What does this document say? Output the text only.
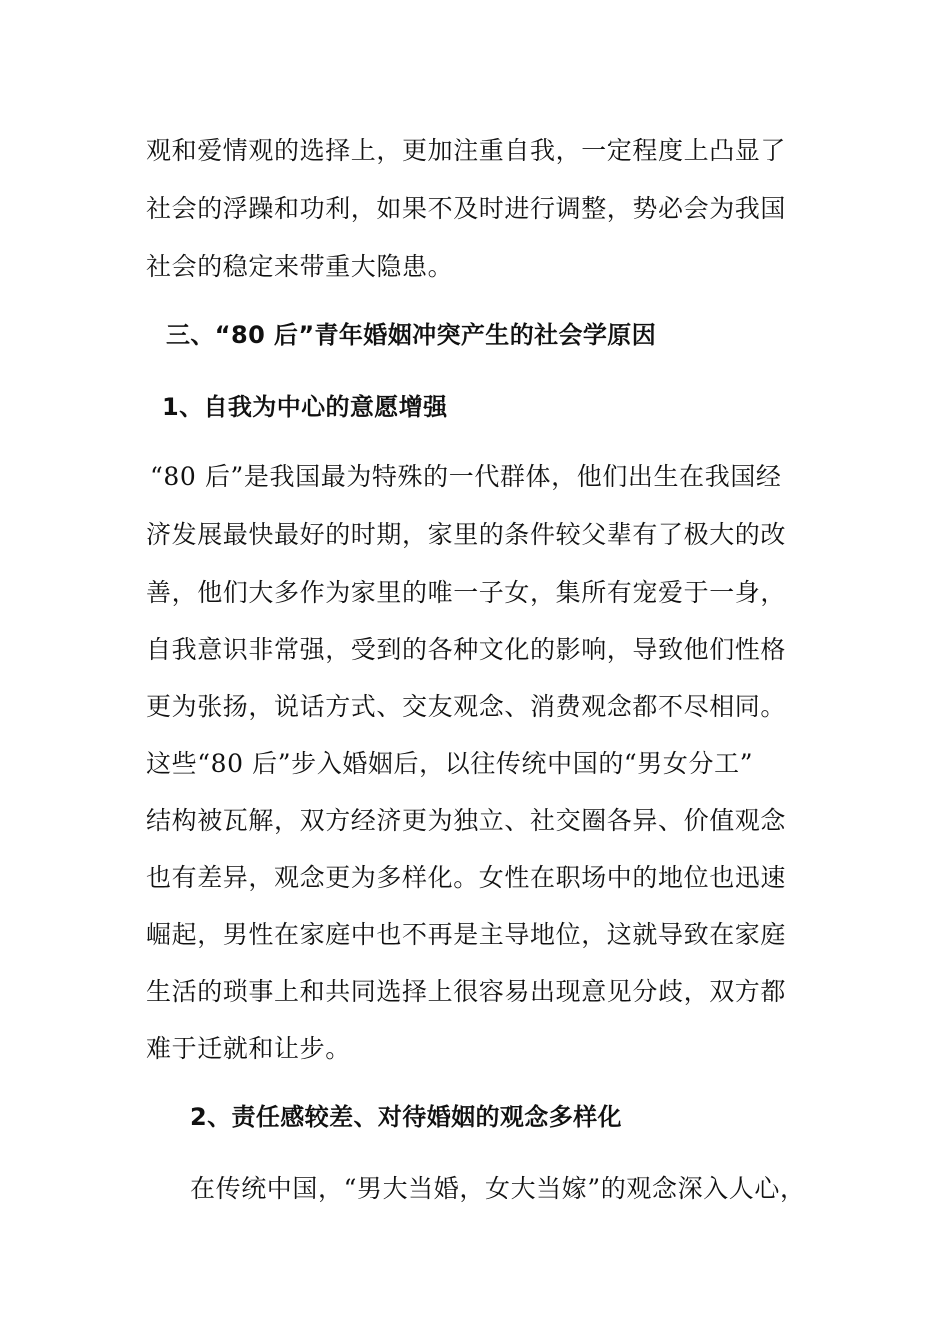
观和爱情观的选择上，更加注重自我，一定程度上凸显了
社会的浮躁和功利，如果不及时进行调整，势必会为我国
社会的稳定来带重大隐患。
三、“80 后”青年婚姻冲突产生的社会学原因
1、自我为中心的意愿增强
“80 后”是我国最为特殊的一代群体，他们出生在我国经
济发展最快最好的时期，家里的条件较父辈有了极大的改
善，他们大多作为家里的唯一子女，集所有宠爱于一身，
自我意识非常强，受到的各种文化的影响，导致他们性格
更为张扬，说话方式、交友观念、消费观念都不尽相同。
这些“80 后”步入婚姻后，以往传统中国的“男女分工”
结构被瓦解，双方经济更为独立、社交圈各异、价值观念
也有差异，观念更为多样化。女性在职场中的地位也迅速
崛起，男性在家庭中也不再是主导地位，这就导致在家庭
生活的琐事上和共同选择上很容易出现意见分歧，双方都
难于迁就和让步。
2、责任感较差、对待婚姻的观念多样化
在传统中国，“男大当婚，女大当嫁”的观念深入人心，
